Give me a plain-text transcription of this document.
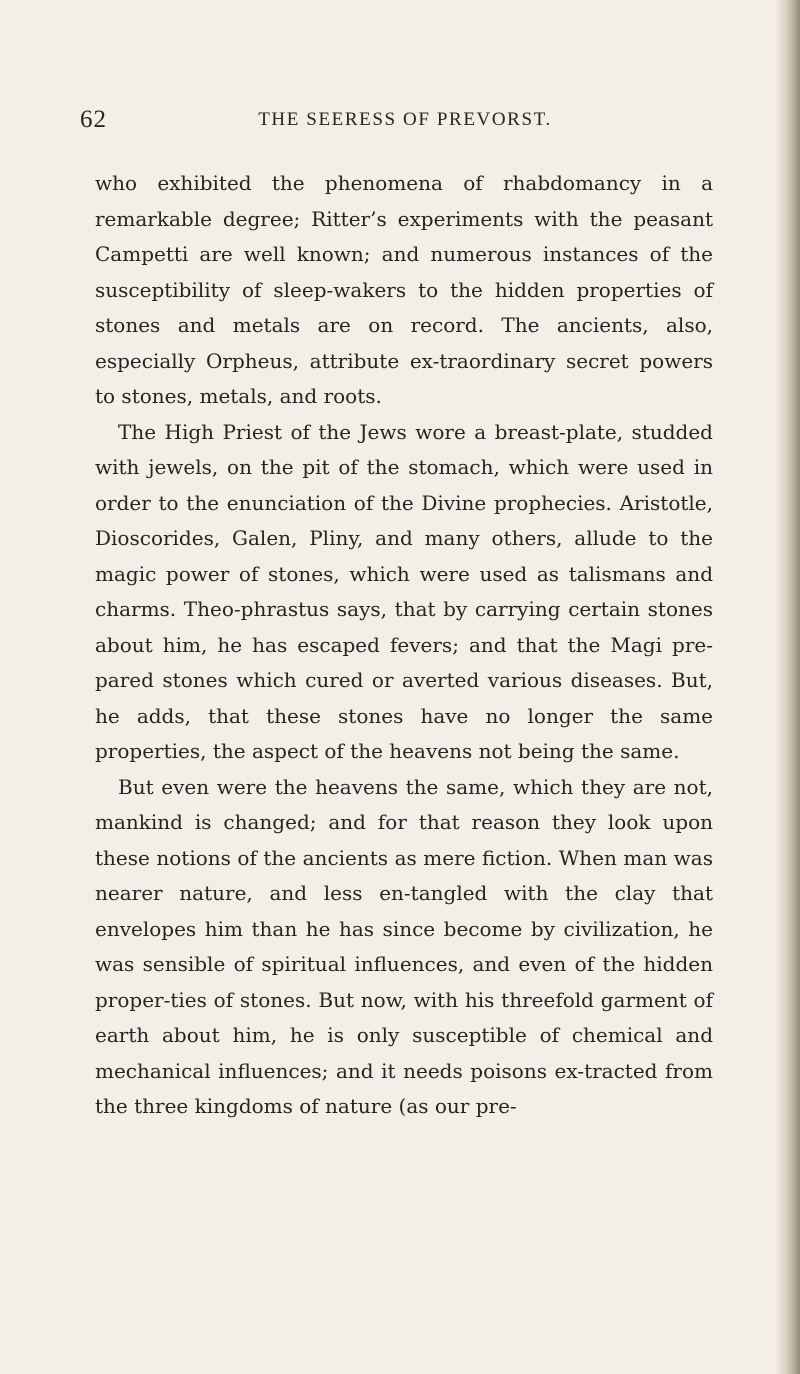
62	THE SEERESS OF PREVORST.

who exhibited the phenomena of rhabdomancy in a remarkable degree; Ritter’s experiments with the peasant Campetti are well known; and numerous instances of the susceptibility of sleep-wakers to the hidden properties of stones and metals are on record. The ancients, also, especially Orpheus, attribute ex-traordinary secret powers to stones, metals, and roots.

The High Priest of the Jews wore a breast-plate, studded with jewels, on the pit of the stomach, which were used in order to the enunciation of the Divine prophecies. Aristotle, Dioscorides, Galen, Pliny, and many others, allude to the magic power of stones, which were used as talismans and charms. Theo-phrastus says, that by carrying certain stones about him, he has escaped fevers; and that the Magi pre-pared stones which cured or averted various diseases. But, he adds, that these stones have no longer the same properties, the aspect of the heavens not being the same.

But even were the heavens the same, which they are not, mankind is changed; and for that reason they look upon these notions of the ancients as mere fiction. When man was nearer nature, and less en-tangled with the clay that envelopes him than he has since become by civilization, he was sensible of spiritual influences, and even of the hidden proper-ties of stones. But now, with his threefold garment of earth about him, he is only susceptible of chemical and mechanical influences; and it needs poisons ex-tracted from the three kingdoms of nature (as our pre-
